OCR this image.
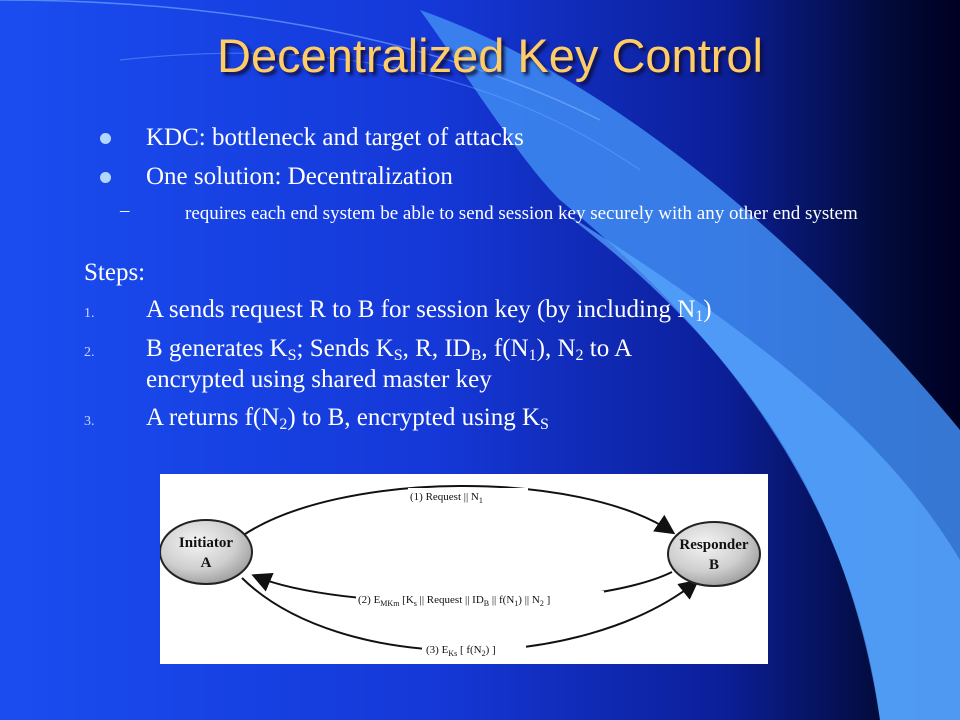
Decentralized Key Control
KDC: bottleneck and target of attacks
One solution: Decentralization
–	requires each end system be able to send session key securely with any other end system
Steps:
1. A sends request R to B for session key (by including $N_1$)
2. B generates $K_S$; Sends $K_S$, R, $ID_B$, $f(N_1)$, $N_2$ to A
encrypted using shared master key
3. A returns $f(N_2)$ to B, encrypted using $K_S$
Initiator
A
Responder
B
(1) Request || $N_1$
(2) $E_{MKm}$ [$K_s$ || Request || $ID_B$ || $f(N_1)$ || $N_2$ ]
(3) $E_{Ks}$ [ $f(N_2)$ ]
